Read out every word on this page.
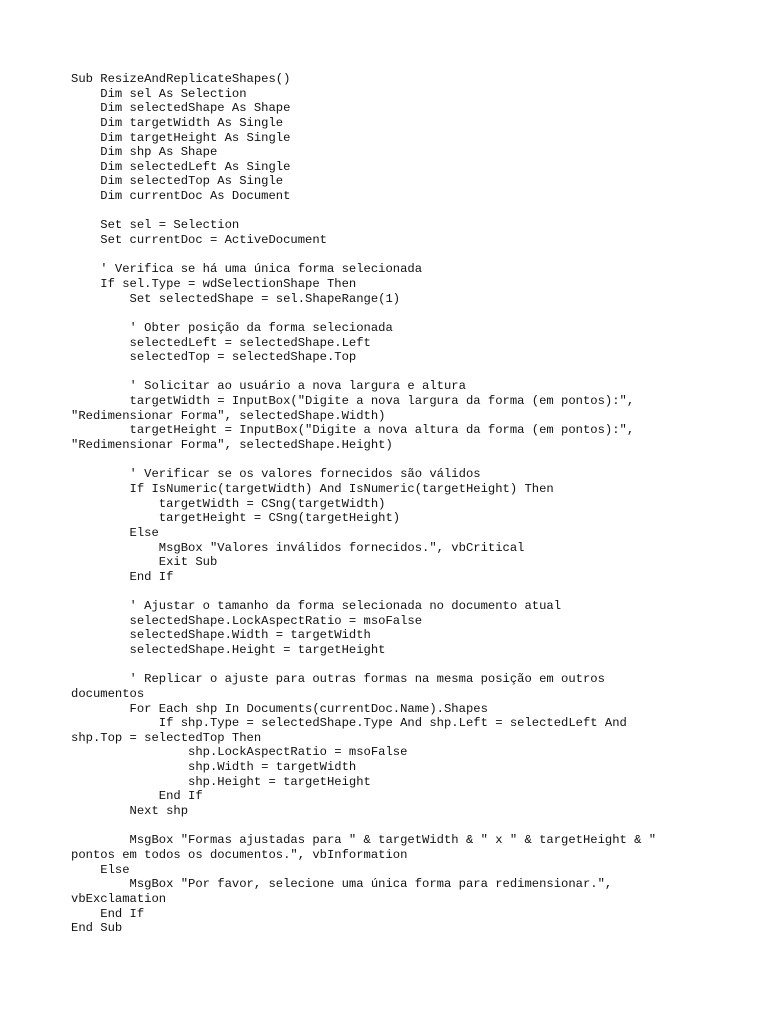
Sub ResizeAndReplicateShapes()
Dim sel As Selection
Dim selectedShape As Shape
Dim targetWidth As Single
Dim targetHeight As Single
Dim shp As Shape
Dim selectedLeft As Single
Dim selectedTop As Single
Dim currentDoc As Document
Set sel = Selection
Set currentDoc = ActiveDocument
' Verifica se há uma única forma selecionada
If sel.Type = wdSelectionShape Then
Set selectedShape = sel.ShapeRange(1)
' Obter posição da forma selecionada
selectedLeft = selectedShape.Left
selectedTop = selectedShape.Top
' Solicitar ao usuário a nova largura e altura
targetWidth = InputBox("Digite a nova largura da forma (em pontos):",
"Redimensionar Forma", selectedShape.Width)
targetHeight = InputBox("Digite a nova altura da forma (em pontos):",
"Redimensionar Forma", selectedShape.Height)
' Verificar se os valores fornecidos são válidos
If IsNumeric(targetWidth) And IsNumeric(targetHeight) Then
targetWidth = CSng(targetWidth)
targetHeight = CSng(targetHeight)
Else
MsgBox "Valores inválidos fornecidos.", vbCritical
Exit Sub
End If
' Ajustar o tamanho da forma selecionada no documento atual
selectedShape.LockAspectRatio = msoFalse
selectedShape.Width = targetWidth
selectedShape.Height = targetHeight
' Replicar o ajuste para outras formas na mesma posição em outros
documentos
For Each shp In Documents(currentDoc.Name).Shapes
If shp.Type = selectedShape.Type And shp.Left = selectedLeft And
shp.Top = selectedTop Then
shp.LockAspectRatio = msoFalse
shp.Width = targetWidth
shp.Height = targetHeight
End If
Next shp
MsgBox "Formas ajustadas para " & targetWidth & " x " & targetHeight & "
pontos em todos os documentos.", vbInformation
Else
MsgBox "Por favor, selecione uma única forma para redimensionar.",
vbExclamation
End If
End Sub
